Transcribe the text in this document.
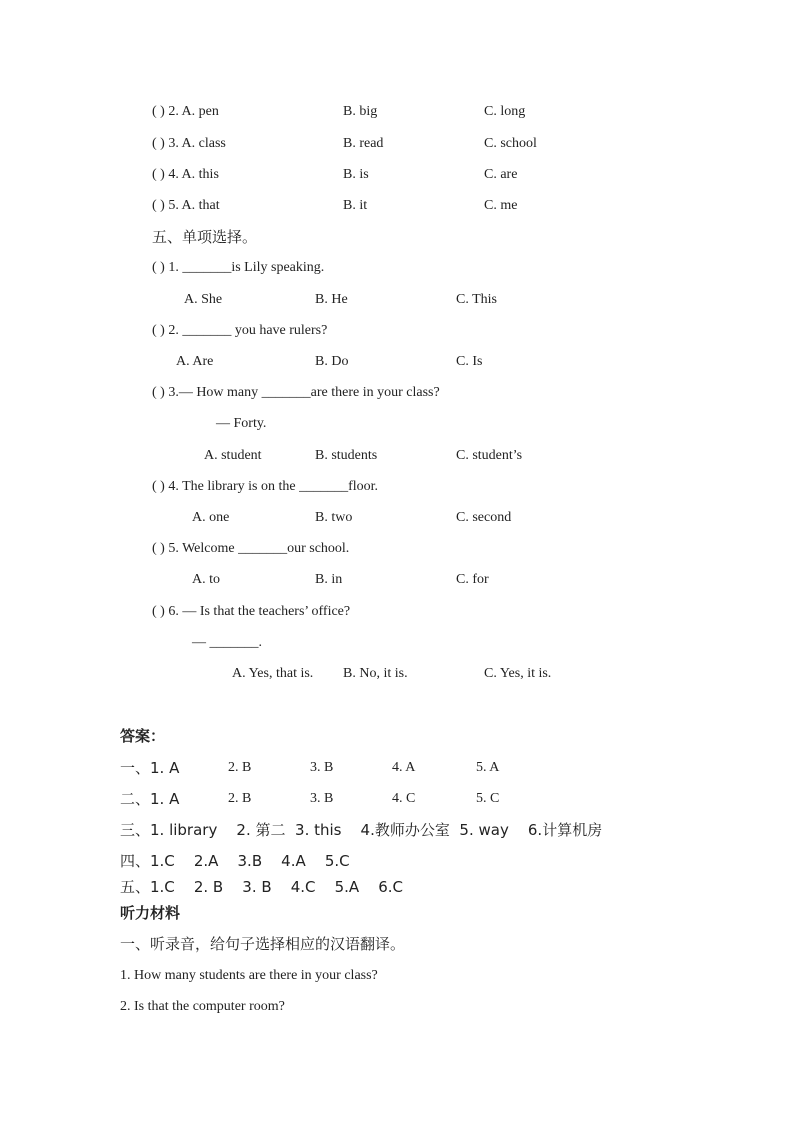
( ) 2. A. pen	B. big	C. long
( ) 3. A. class	B. read	C. school
( ) 4. A. this	B. is	C. are
( ) 5. A. that	B. it	C. me
五、单项选择。
( ) 1. _______is Lily speaking.
A. She	B. He	C. This
( ) 2. _______ you have rulers?
A. Are	B. Do	C. Is
( ) 3.— How many _______are there in your class?
— Forty.
A. student	B. students	C. student’s
( ) 4. The library is on the _______floor.
A. one	B. two	C. second
( ) 5. Welcome _______our school.
A. to	B. in	C. for
( ) 6. — Is that the teachers’ office?
— _______.
A. Yes, that is. B. No, it is.	C. Yes, it is.
答案：
一、1. A	2. B	3. B	4. A	5. A
二、1. A	2. B	3. B	4. C	5. C
三、1. library    2. 第二  3. this    4.教师办公室  5. way    6.计算机房
四、1.C    2.A    3.B    4.A    5.C
五、1.C    2. B    3. B    4.C    5.A    6.C
听力材料
一、听录音，给句子选择相应的汉语翻译。
1. How many students are there in your class?
2. Is that the computer room?
